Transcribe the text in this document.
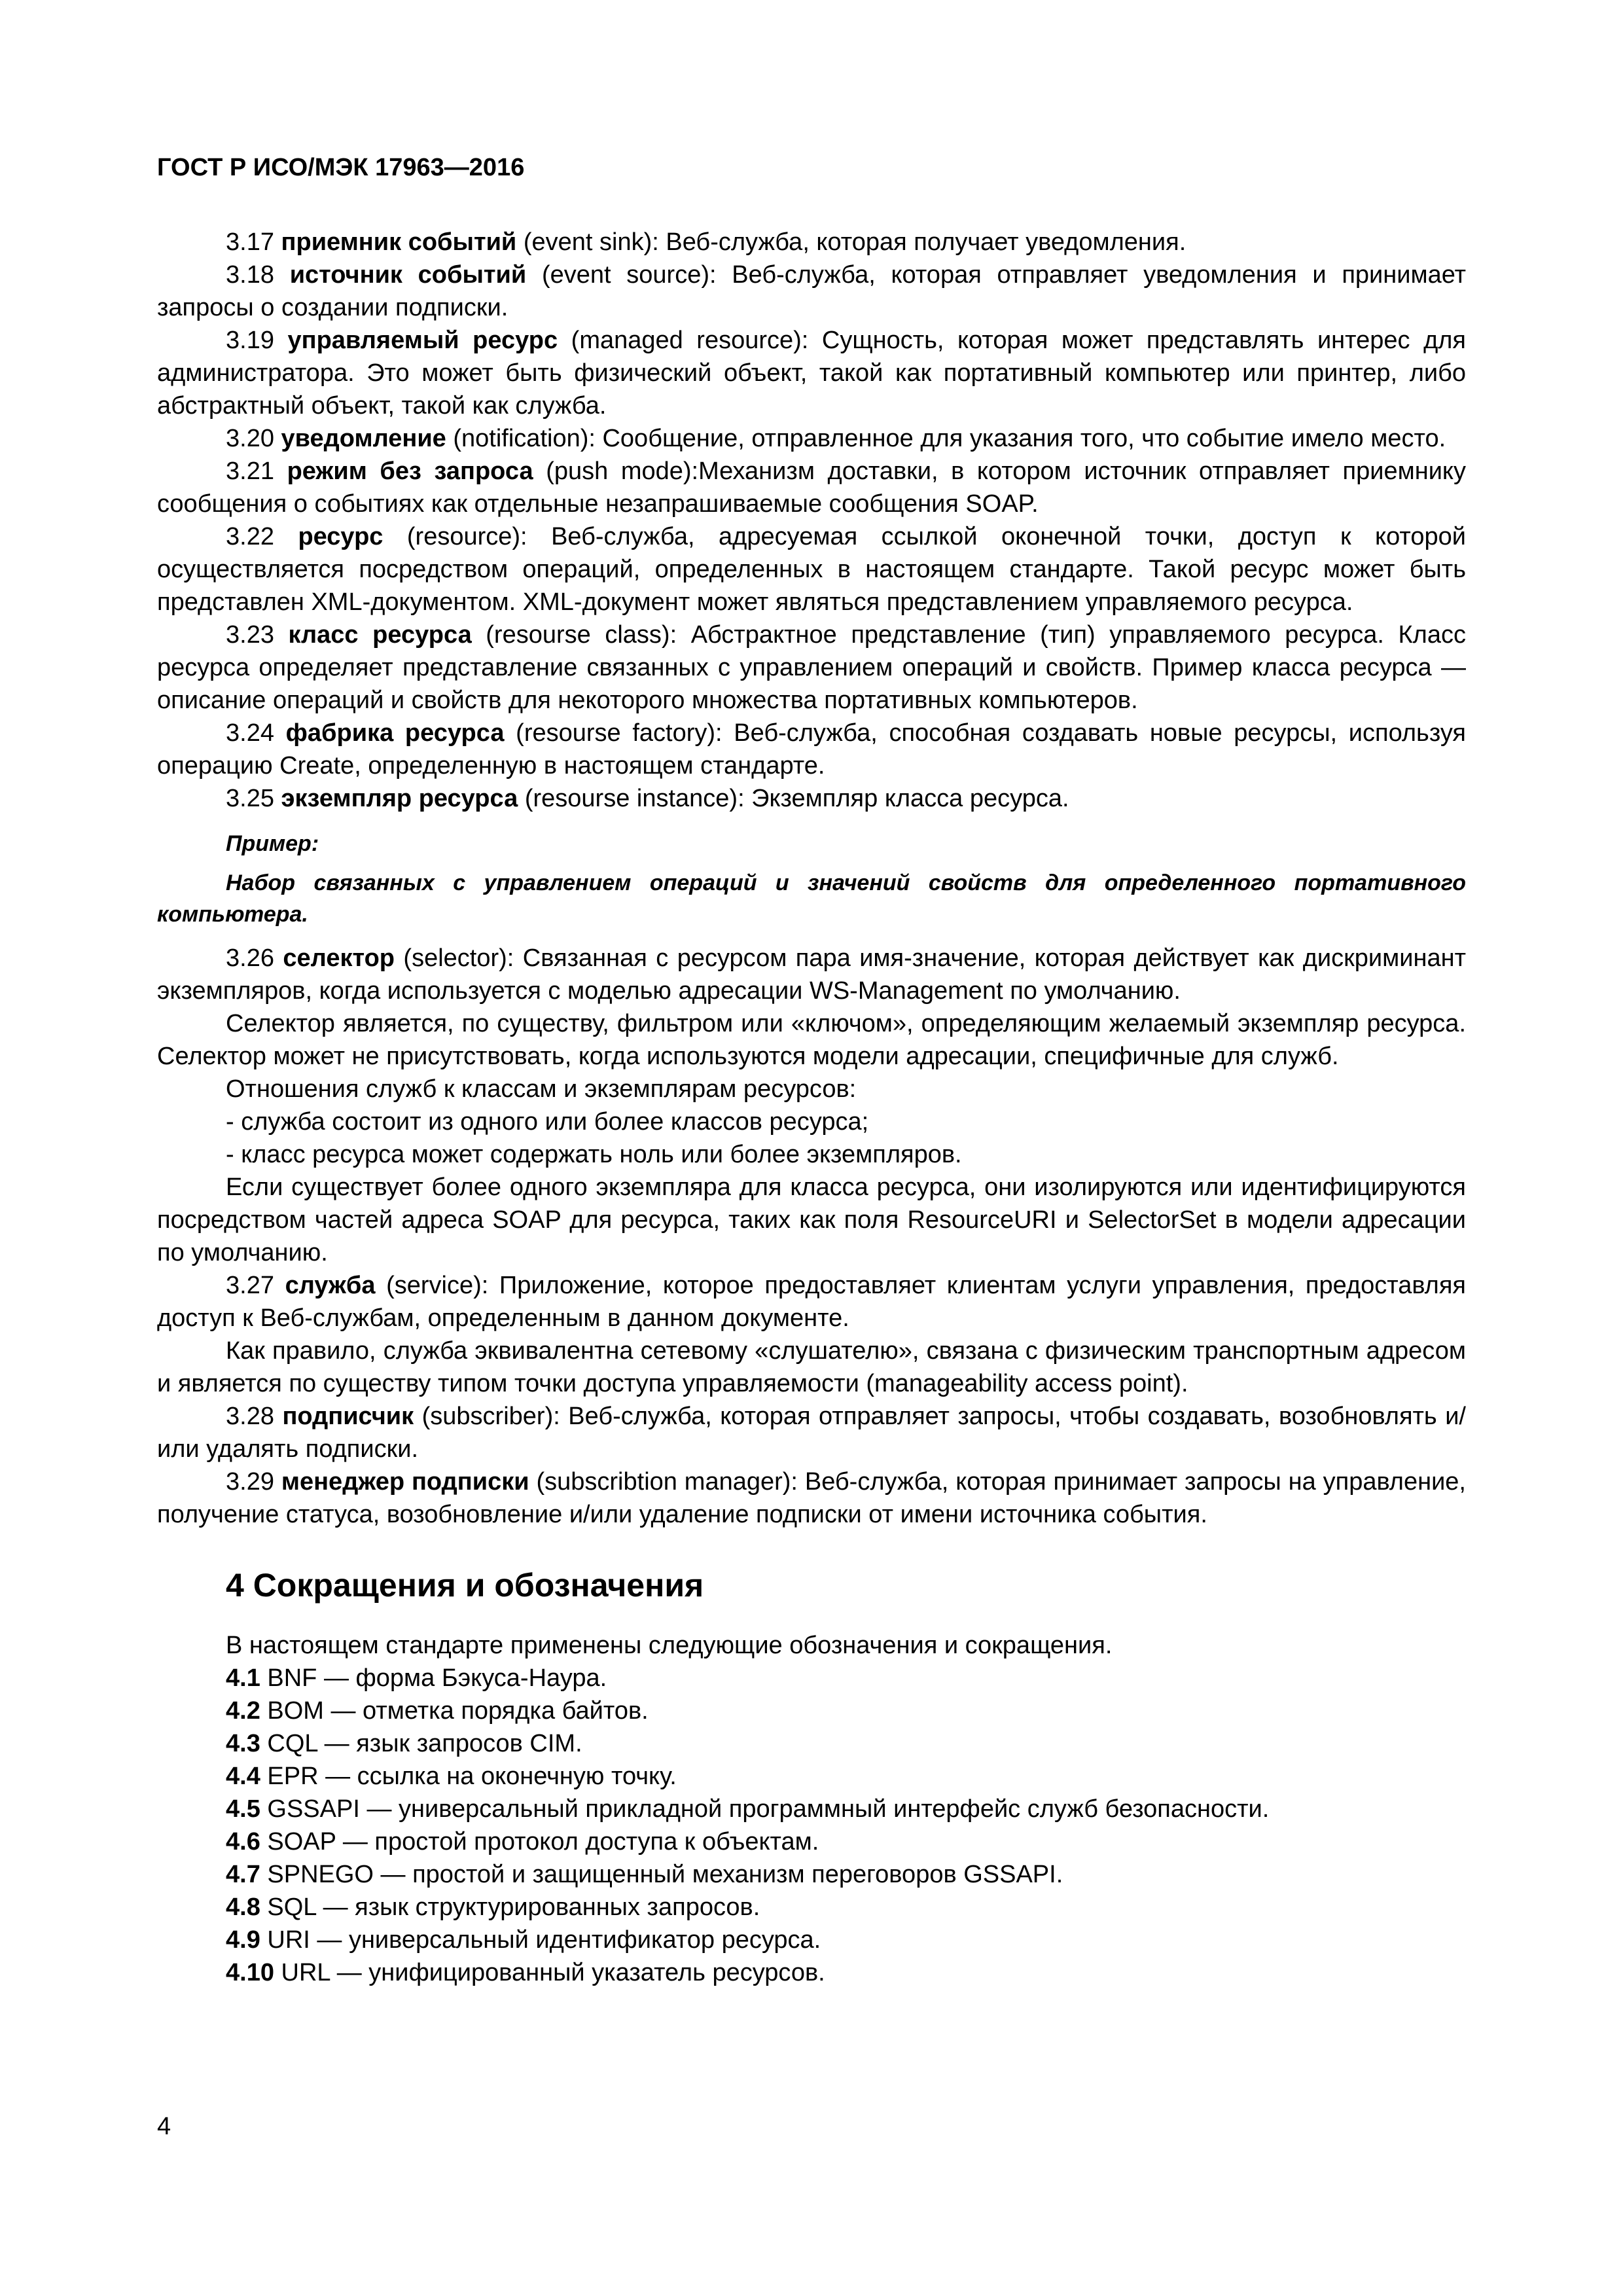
ГОСТ Р ИСО/МЭК 17963—2016

3.17 приемник событий (event sink): Веб-служба, которая получает уведомления.

3.18 источник событий (event source): Веб-служба, которая отправляет уведомления и принимает запросы о создании подписки.

3.19 управляемый ресурс (managed resource): Сущность, которая может представлять интерес для администратора. Это может быть физический объект, такой как портативный компьютер или принтер, либо абстрактный объект, такой как служба.

3.20 уведомление (notification): Сообщение, отправленное для указания того, что событие имело место.

3.21 режим без запроса (push mode):Механизм доставки, в котором источник отправляет приемнику сообщения о событиях как отдельные незапрашиваемые сообщения SOAP.

3.22 ресурс (resource): Веб-служба, адресуемая ссылкой оконечной точки, доступ к которой осуществляется посредством операций, определенных в настоящем стандарте. Такой ресурс может быть представлен XML-документом. XML-документ может являться представлением управляемого ресурса.

3.23 класс ресурса (resourse class): Абстрактное представление (тип) управляемого ресурса. Класс ресурса определяет представление связанных с управлением операций и свойств. Пример класса ресурса — описание операций и свойств для некоторого множества портативных компьютеров.

3.24 фабрика ресурса (resourse factory): Веб-служба, способная создавать новые ресурсы, используя операцию Create, определенную в настоящем стандарте.

3.25 экземпляр ресурса (resourse instance): Экземпляр класса ресурса.

Пример:
Набор связанных с управлением операций и значений свойств для определенного портативного компьютера.

3.26 селектор (selector): Связанная с ресурсом пара имя-значение, которая действует как дискриминант экземпляров, когда используется с моделью адресации WS-Management по умолчанию.

Селектор является, по существу, фильтром или «ключом», определяющим желаемый экземпляр ресурса. Селектор может не присутствовать, когда используются модели адресации, специфичные для служб.

Отношения служб к классам и экземплярам ресурсов:

- служба состоит из одного или более классов ресурса;

- класс ресурса может содержать ноль или более экземпляров.

Если существует более одного экземпляра для класса ресурса, они изолируются или идентифицируются посредством частей адреса SOAP для ресурса, таких как поля ResourceURI и SelectorSet в модели адресации по умолчанию.

3.27 служба (service): Приложение, которое предоставляет клиентам услуги управления, предоставляя доступ к Веб-службам, определенным в данном документе.

Как правило, служба эквивалентна сетевому «слушателю», связана с физическим транспортным адресом и является по существу типом точки доступа управляемости (manageability access point).

3.28 подписчик (subscriber): Веб-служба, которая отправляет запросы, чтобы создавать, возобновлять и/или удалять подписки.

3.29 менеджер подписки (subscribtion manager): Веб-служба, которая принимает запросы на управление, получение статуса, возобновление и/или удаление подписки от имени источника события.

4 Сокращения и обозначения

В настоящем стандарте применены следующие обозначения и сокращения.

4.1 BNF — форма Бэкуса-Наура.

4.2 BOM — отметка порядка байтов.

4.3 CQL — язык запросов CIM.

4.4 EPR — ссылка на оконечную точку.

4.5 GSSAPI — универсальный прикладной программный интерфейс служб безопасности.

4.6 SOAP — простой протокол доступа к объектам.

4.7 SPNEGO — простой и защищенный механизм переговоров GSSAPI.

4.8 SQL — язык структурированных запросов.

4.9 URI — универсальный идентификатор ресурса.

4.10 URL — унифицированный указатель ресурсов.

4
